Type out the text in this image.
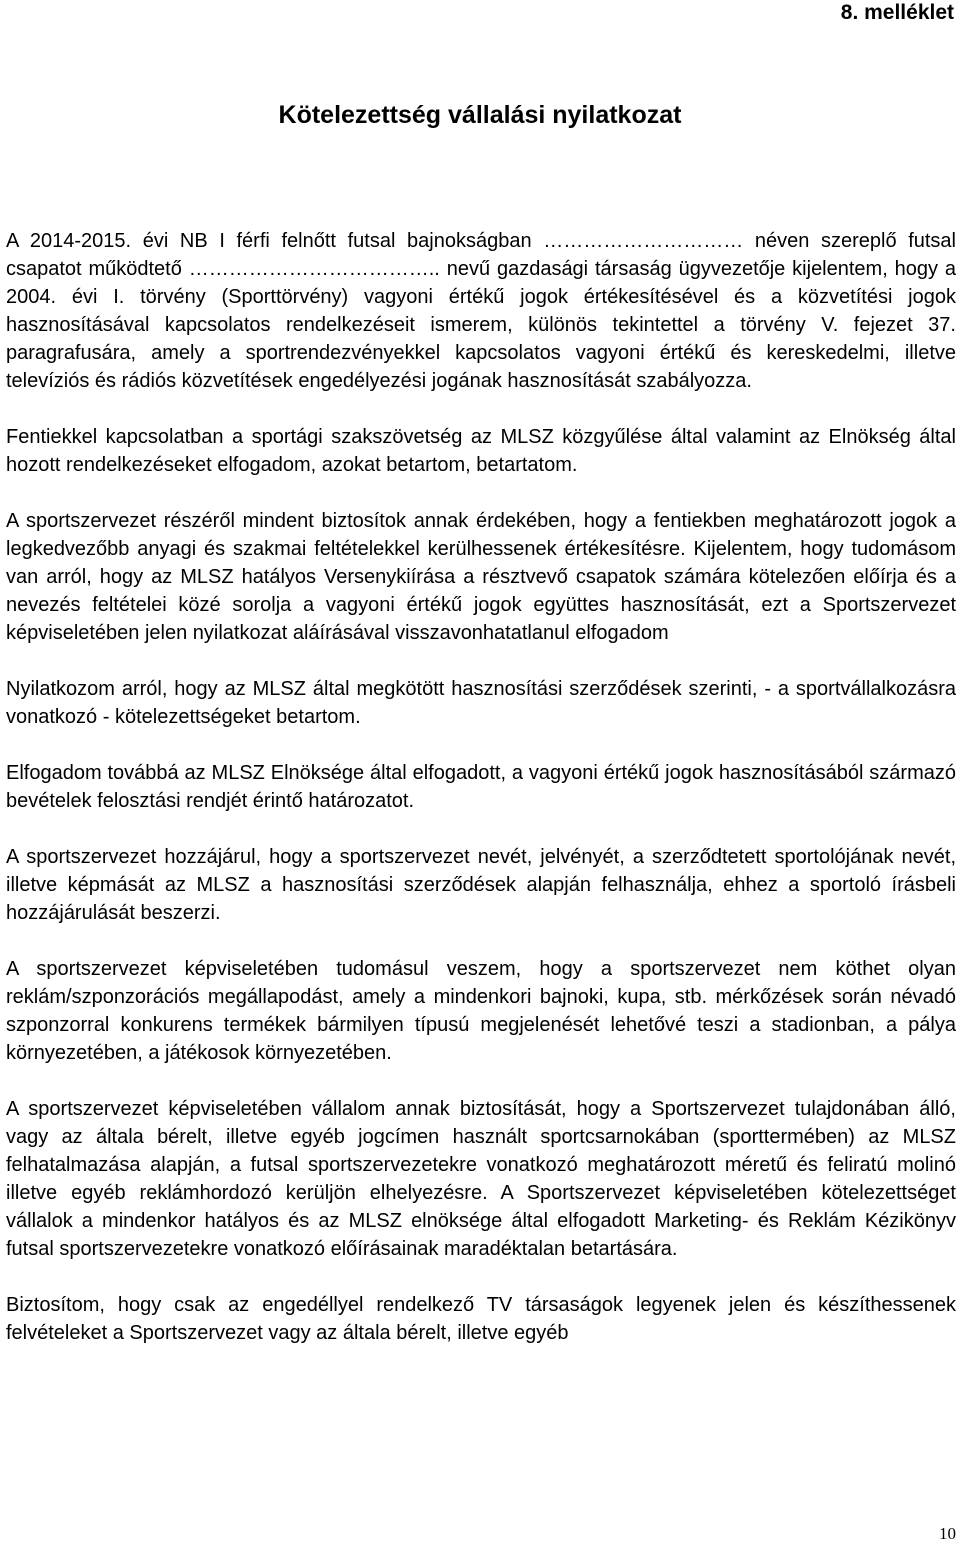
8. melléklet
Kötelezettség vállalási nyilatkozat

A 2014-2015. évi NB I férfi felnőtt futsal bajnokságban ………………………… néven szereplő futsal csapatot működtető ……………………………….. nevű gazdasági társaság ügyvezetője kijelentem, hogy a 2004. évi I. törvény (Sporttörvény) vagyoni értékű jogok értékesítésével és a közvetítési jogok hasznosításával kapcsolatos rendelkezéseit ismerem, különös tekintettel a törvény V. fejezet 37. paragrafusára, amely a sportrendezvényekkel kapcsolatos vagyoni értékű és kereskedelmi, illetve televíziós és rádiós közvetítések engedélyezési jogának hasznosítását szabályozza.

Fentiekkel kapcsolatban a sportági szakszövetség az MLSZ közgyűlése által valamint az Elnökség által hozott rendelkezéseket elfogadom, azokat betartom, betartatom.

A sportszervezet részéről mindent biztosítok annak érdekében, hogy a fentiekben meghatározott jogok a legkedvezőbb anyagi és szakmai feltételekkel kerülhessenek értékesítésre. Kijelentem, hogy tudomásom van arról, hogy az MLSZ hatályos Versenykiírása a résztvevő csapatok számára kötelezően előírja és a nevezés feltételei közé sorolja a vagyoni értékű jogok együttes hasznosítását, ezt a Sportszervezet képviseletében jelen nyilatkozat aláírásával visszavonhatatlanul elfogadom

Nyilatkozom arról, hogy az MLSZ által megkötött hasznosítási szerződések szerinti, - a sportvállalkozásra vonatkozó - kötelezettségeket betartom.

Elfogadom továbbá az MLSZ Elnöksége által elfogadott, a vagyoni értékű jogok hasznosításából származó bevételek felosztási rendjét érintő határozatot.

A sportszervezet hozzájárul, hogy a sportszervezet nevét, jelvényét, a szerződtetett sportolójának nevét, illetve képmását az MLSZ a hasznosítási szerződések alapján felhasználja, ehhez a sportoló írásbeli hozzájárulását beszerzi.

A sportszervezet képviseletében tudomásul veszem, hogy a sportszervezet nem köthet olyan reklám/szponzorációs megállapodást, amely a mindenkori bajnoki, kupa, stb. mérkőzések során névadó szponzorral konkurens termékek bármilyen típusú megjelenését lehetővé teszi a stadionban, a pálya környezetében, a játékosok környezetében.

A sportszervezet képviseletében vállalom annak biztosítását, hogy a Sportszervezet tulajdonában álló, vagy az általa bérelt, illetve egyéb jogcímen használt sportcsarnokában (sporttermében) az MLSZ felhatalmazása alapján, a futsal sportszervezetekre vonatkozó meghatározott méretű és feliratú molinó illetve egyéb reklámhordozó kerüljön elhelyezésre. A Sportszervezet képviseletében kötelezettséget vállalok a mindenkor hatályos és az MLSZ elnöksége által elfogadott Marketing- és Reklám Kézikönyv futsal sportszervezetekre vonatkozó előírásainak maradéktalan betartására.

Biztosítom, hogy csak az engedéllyel rendelkező TV társaságok legyenek jelen és készíthessenek felvételeket a Sportszervezet vagy az általa bérelt, illetve egyéb

10
